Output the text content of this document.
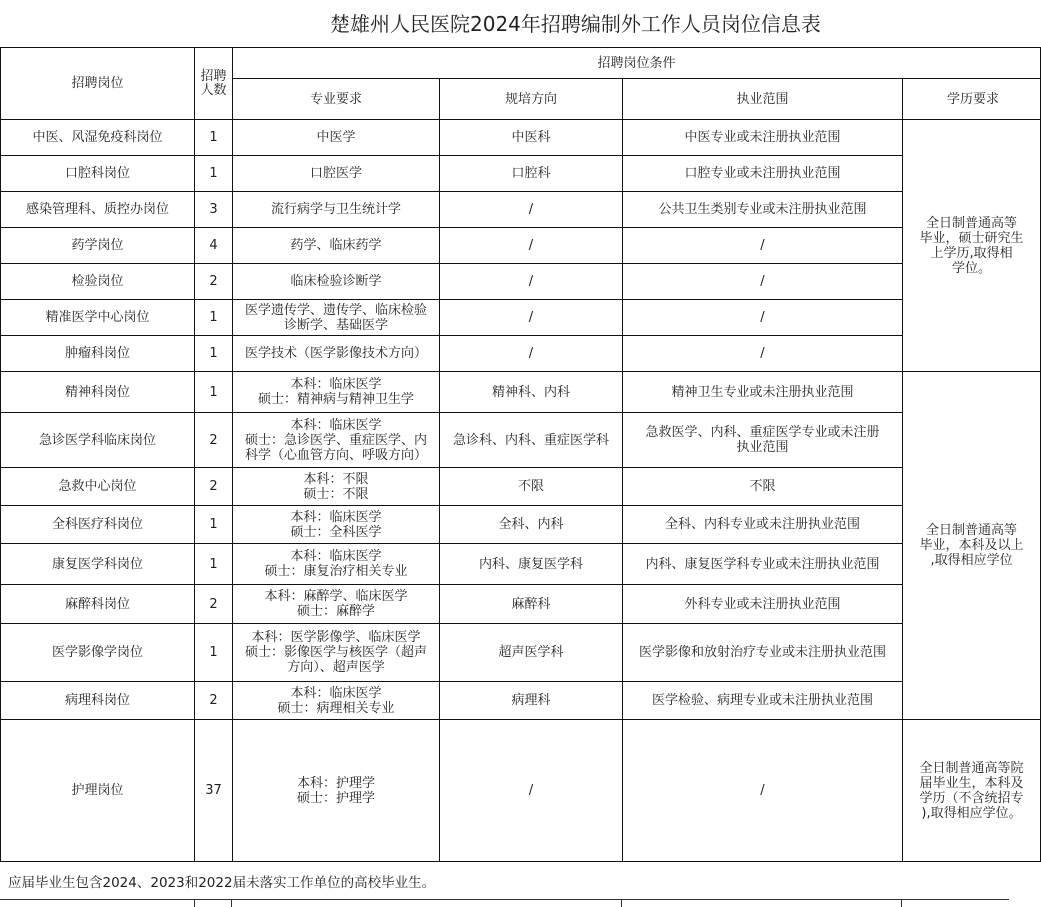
楚雄州人民医院2024年招聘编制外工作人员岗位信息表
招聘岗位	招聘
人数	招聘岗位条件			
		专业要求	规培方向	执业范围	学历要求
中医、风湿免疫科岗位	1	中医学	中医科	中医专业或未注册执业范围	全日制普通高等
毕业，硕士研究生
上学历,取得相
学位。
口腔科岗位	1	口腔医学	口腔科	口腔专业或未注册执业范围	
感染管理科、质控办岗位	3	流行病学与卫生统计学	/	公共卫生类别专业或未注册执业范围	
药学岗位	4	药学、临床药学	/	/	
检验岗位	2	临床检验诊断学	/	/	
精准医学中心岗位	1	医学遗传学、遗传学、临床检验
诊断学、基础医学	/	/	
肿瘤科岗位	1	医学技术（医学影像技术方向）	/	/	
精神科岗位	1	本科：临床医学
硕士：精神病与精神卫生学	精神科、内科	精神卫生专业或未注册执业范围	全日制普通高等
毕业，本科及以上
,取得相应学位
急诊医学科临床岗位	2	本科：临床医学
硕士：急诊医学、重症医学、内
科学（心血管方向、呼吸方向）	急诊科、内科、重症医学科	急救医学、内科、重症医学专业或未注册
执业范围	
急救中心岗位	2	本科：不限
硕士：不限	不限	不限	
全科医疗科岗位	1	本科：临床医学
硕士：全科医学	全科、内科	全科、内科专业或未注册执业范围	
康复医学科岗位	1	本科：临床医学
硕士：康复治疗相关专业	内科、康复医学科	内科、康复医学科专业或未注册执业范围	
麻醉科岗位	2	本科：麻醉学、临床医学
硕士：麻醉学	麻醉科	外科专业或未注册执业范围	
医学影像学岗位	1	本科：医学影像学、临床医学
硕士：影像医学与核医学（超声
方向）、超声医学	超声医学科	医学影像和放射治疗专业或未注册执业范围	
病理科岗位	2	本科：临床医学
硕士：病理相关专业	病理科	医学检验、病理专业或未注册执业范围	
护理岗位	37	本科：护理学
硕士：护理学	/	/	全日制普通高等院
届毕业生，本科及
学历（不含统招专
),取得相应学位。
应届毕业生包含2024、2023和2022届未落实工作单位的高校毕业生。
